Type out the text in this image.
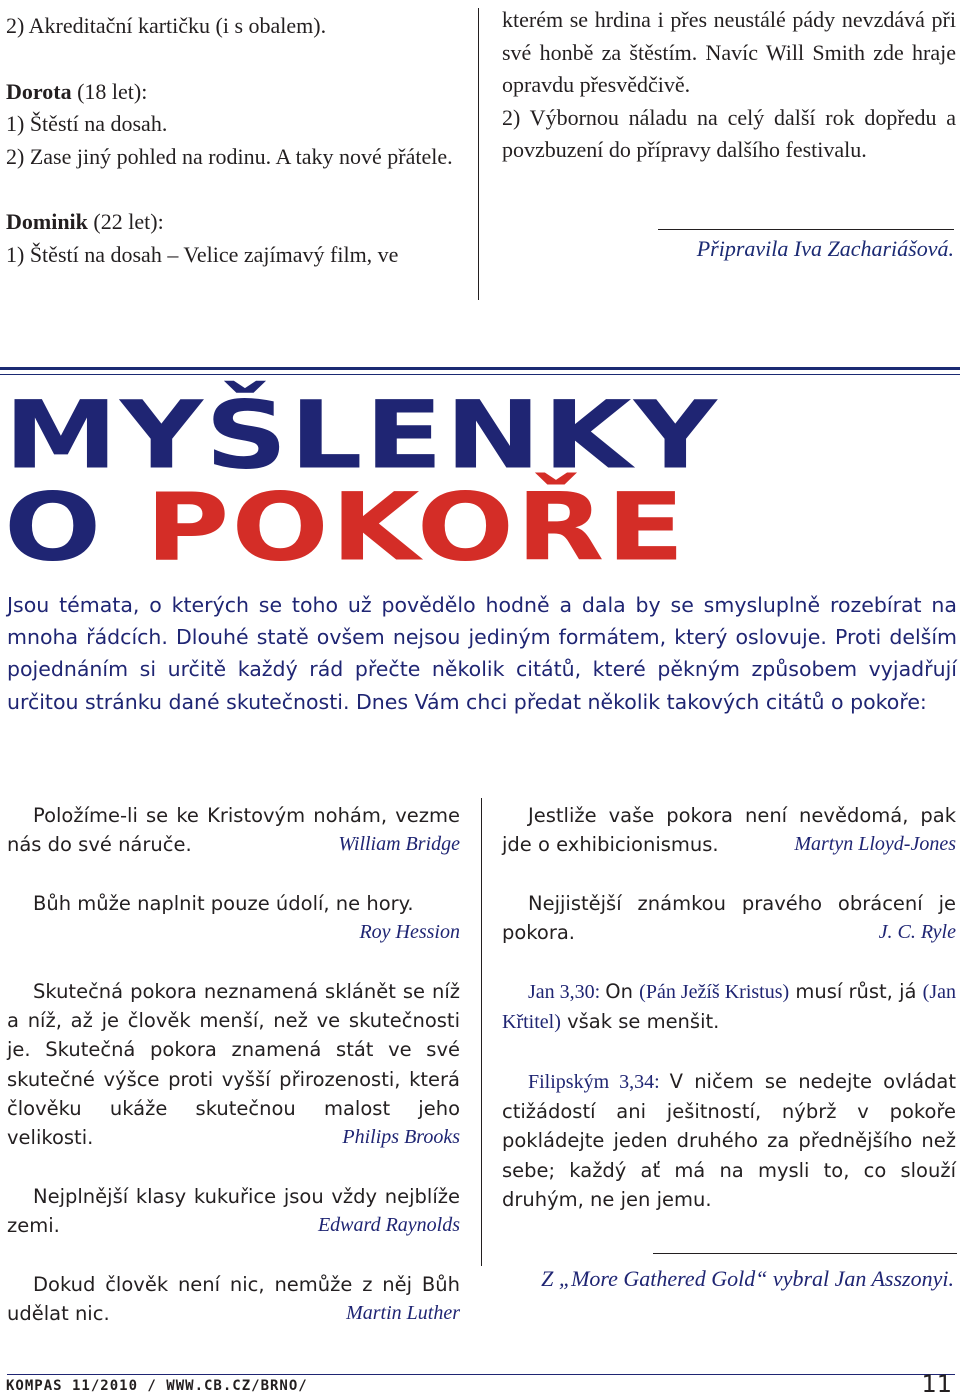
2) Akreditační kartičku (i s obalem).

Dorota (18 let):

1) Štěstí na dosah.

2) Zase jiný pohled na rodinu. A taky nové přátele.

Dominik (22 let):

1) Štěstí na dosah – Velice zajímavý film, ve

kterém se hrdina i přes neustálé pády nevzdává při své honbě za štěstím. Navíc Will Smith zde hraje opravdu přesvědčivě.

2) Výbornou náladu na celý další rok dopředu a povzbuzení do přípravy dalšího festivalu.

Připravila Iva Zachariášová.
MYŠLENKY
O POKOŘE
Jsou témata, o kterých se toho už povědělo hodně a dala by se smysluplně rozebírat na mnoha řádcích. Dlouhé statě ovšem nejsou jediným formátem, který oslovuje. Proti delším pojednáním si určitě každý rád přečte několik citátů, které pěkným způsobem vyjadřují určitou stránku dané skutečnosti. Dnes Vám chci předat několik takových citátů o pokoře:
Položíme-li se ke Kristovým nohám, vezme nás do své náruče.	William Bridge
Bůh může naplnit pouze údolí, ne hory.
Roy Hession
Skutečná pokora neznamená sklánět se níž a níž, až je člověk menší, než ve skutečnosti je. Skutečná pokora znamená stát ve své skutečné výšce proti vyšší přirozenosti, která člověku ukáže skutečnou malost jeho velikosti.	Philips Brooks
Nejplnější klasy kukuřice jsou vždy nejblíže zemi.	Edward Raynolds
Dokud člověk není nic, nemůže z něj Bůh udělat nic.	Martin Luther
Jestliže vaše pokora není nevědomá, pak jde o exhibicionismus.	Martyn Lloyd-Jones
Nejjistější známkou pravého obrácení je pokora.	J. C. Ryle
Jan 3,30: On (Pán Ježíš Kristus) musí růst, já (Jan Křtitel) však se menšit.
Filipským 3,34: V ničem se nedejte ovládat ctižádostí ani ješitností, nýbrž v pokoře pokládejte jeden druhého za přednějšího než sebe; každý ať má na mysli to, co slouží druhým, ne jen jemu.
Z „More Gathered Gold“ vybral Jan Asszonyi.
KOMPAS 11/2010 / WWW.CB.CZ/BRNO/	11
